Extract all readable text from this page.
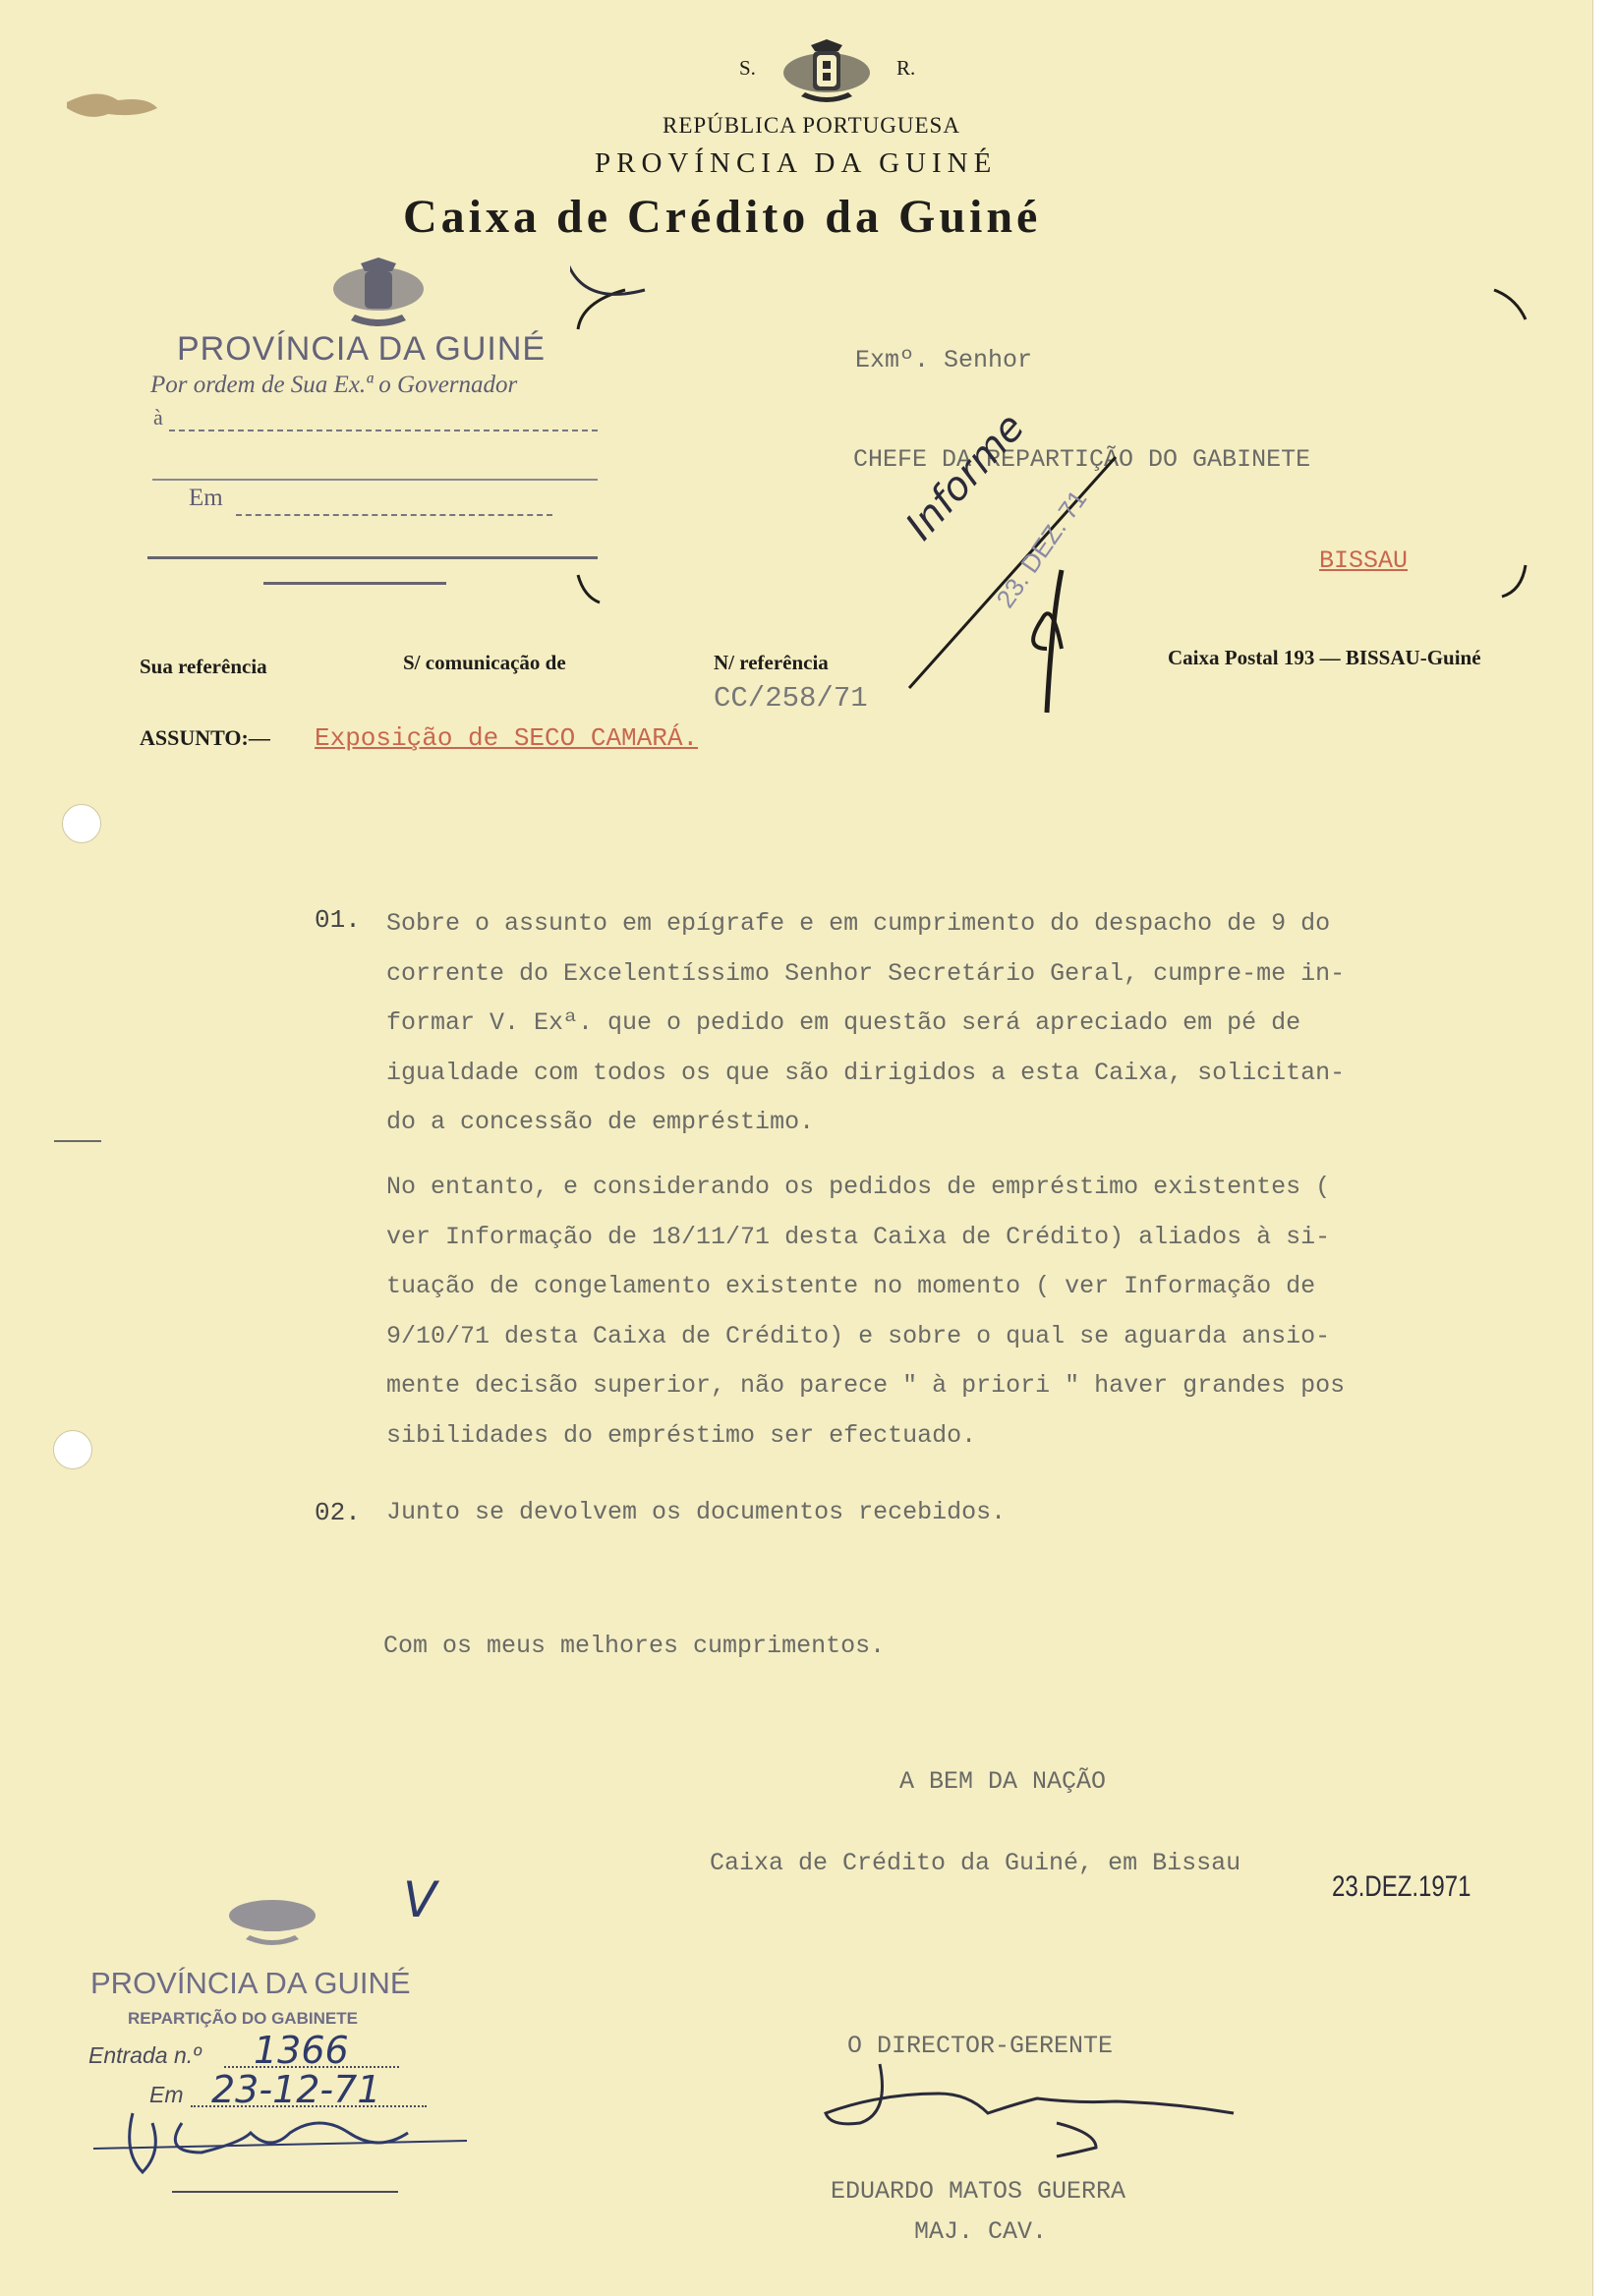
S.	R.
REPÚBLICA PORTUGUESA
PROVÍNCIA DA GUINÉ
Caixa de Crédito da Guiné
PROVÍNCIA DA GUINÉ
Por ordem de Sua Ex.ª o Governador
à
Em
Exmº. Senhor
CHEFE DA REPARTIÇÃO DO GABINETE
BISSAU
Informe
23. DEZ. 71
Sua referência	S/ comunicação de	N/ referência
CC/258/71
Caixa Postal 193 — BISSAU-Guiné
ASSUNTO:— Exposição de SECO CAMARÁ.
01. Sobre o assunto em epígrafe e em cumprimento do despacho de 9 do
corrente do Excelentíssimo Senhor Secretário Geral, cumpre-me in-
formar V. Exª. que o pedido em questão será apreciado em pé de
igualdade com todos os que são dirigidos a esta Caixa, solicitan-
do a concessão de empréstimo.
No entanto, e considerando os pedidos de empréstimo existentes (
ver Informação de 18/11/71 desta Caixa de Crédito) aliados à si-
tuação de congelamento existente no momento ( ver Informação de
9/10/71 desta Caixa de Crédito) e sobre o qual se aguarda ansio-
mente decisão superior, não parece " à priori " haver grandes pos
sibilidades do empréstimo ser efectuado.
02. Junto se devolvem os documentos recebidos.
Com os meus melhores cumprimentos.
A BEM DA NAÇÃO
Caixa de Crédito da Guiné, em Bissau
23.DEZ.1971
O DIRECTOR-GERENTE
EDUARDO MATOS GUERRA
MAJ. CAV.
V
PROVÍNCIA DA GUINÉ
REPARTIÇÃO DO GABINETE
Entrada n.º 1366
Em 23-12-71
